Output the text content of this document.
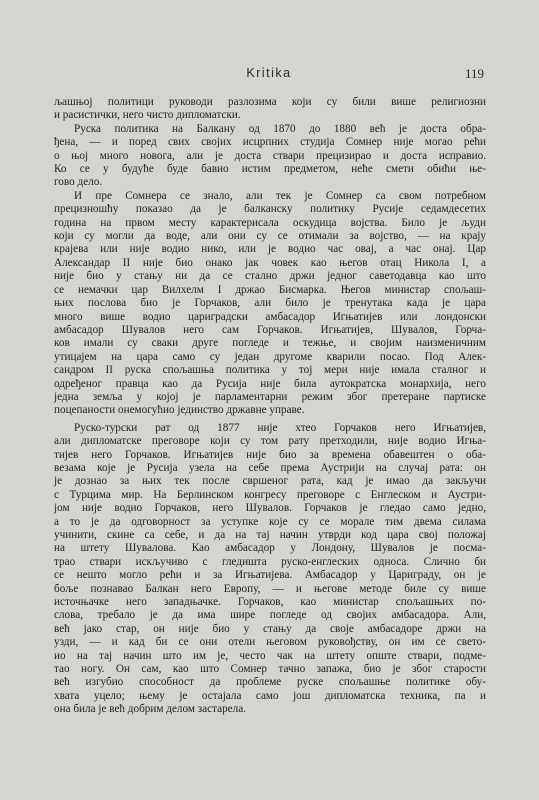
Kritika	119
љашњој политици руководи разлозима који су били више религиозни
и расистички, него чисто дипломатски.
Руска политика на Балкану од 1870 до 1880 већ је доста обра-
ђена, — и поред свих својих исцрпних студија Сомнер није могао рећи
о њој много новога, али је доста ствари прецизирао и доста исправио.
Ко се у будуће буде бавио истим предметом, неће смети обићи ње-
гово дело.
И пре Сомнера се знало, али тек је Сомнер са свом потребном
прецизношћу показао да је балканску политику Русије седамдесетих
година на првом месту карактерисала оскудица војства. Било је људи
који су могли да воде, али они су се отимали за војство, — на крају
крајева или није водио нико, или је водио час овај, а час онај. Цар
Александар II није био онако јак човек као његов отац Никола I, а
није био у стању ни да се стално држи једног саветодавца као што
се немачки цар Вилхелм I држао Бисмарка. Његов министар спољаш-
њих послова био је Горчаков, али било је тренутака када је цара
много више водио цариградски амбасадор Игњатијев или лондонски
амбасадор Шувалов него сам Горчаков. Игњатијев, Шувалов, Горча-
ков имали су сваки друге погледе и тежње, и својим наизменичним
утицајем на цара само су један другоме кварили посао. Под Алек-
сандром II руска спољашња политика у тој мери није имала сталног и
одређеног правца као да Русија није била аутократска монархија, него
једна земља у којој је парламентарни режим због претеране партиске
поцепаности онемогућио јединство државне управе.
Руско-турски рат од 1877 није хтео Горчаков него Игњатијев,
али дипломатске преговоре који су том рату претходили, није водио Игња-
тијев него Горчаков. Игњатијев није био за времена обавештен о оба-
везама које је Русија узела на себе према Аустрији на случај рата: он
је дознао за њих тек после свршеног рата, кад је имао да закључи
с Турцима мир. На Берлинском конгресу преговоре с Енглеском и Аустри-
јом није водио Горчаков, него Шувалов. Горчаков је гледао само једно,
а то је да одговорност за уступке које су се морале тим двема силама
учинити, скине са себе, и да на тај начин утврди код цара свој положај
на штету Шувалова. Као амбасадор у Лондону, Шувалов је посма-
трао ствари искључиво с гледишта руско-енглеских односа. Слично би
се нешто могло рећи и за Игњатијева. Амбасадор у Цариграду, он је
боље познавао Балкан него Европу, — и његове методе биле су више
источњачке него западњачке. Горчаков, као министар спољашњих по-
слова, требало је да има шире погледе од својих амбасадора. Али,
већ јако стар, он није био у стању да своје амбасадоре држи на
узди, — и кад би се они отели његовом руковођству, он им се свето-
ио на тај начин што им је, често чак на штету опште ствари, подме-
тао ногу. Он сам, као што Сомнер тачно запажа, био је због старости
већ изгубио способност да проблеме руске спољашње политике обу-
хвата уцело; њему је остајала само још дипломатска техника, па и
она била је већ добрим делом застарела.
